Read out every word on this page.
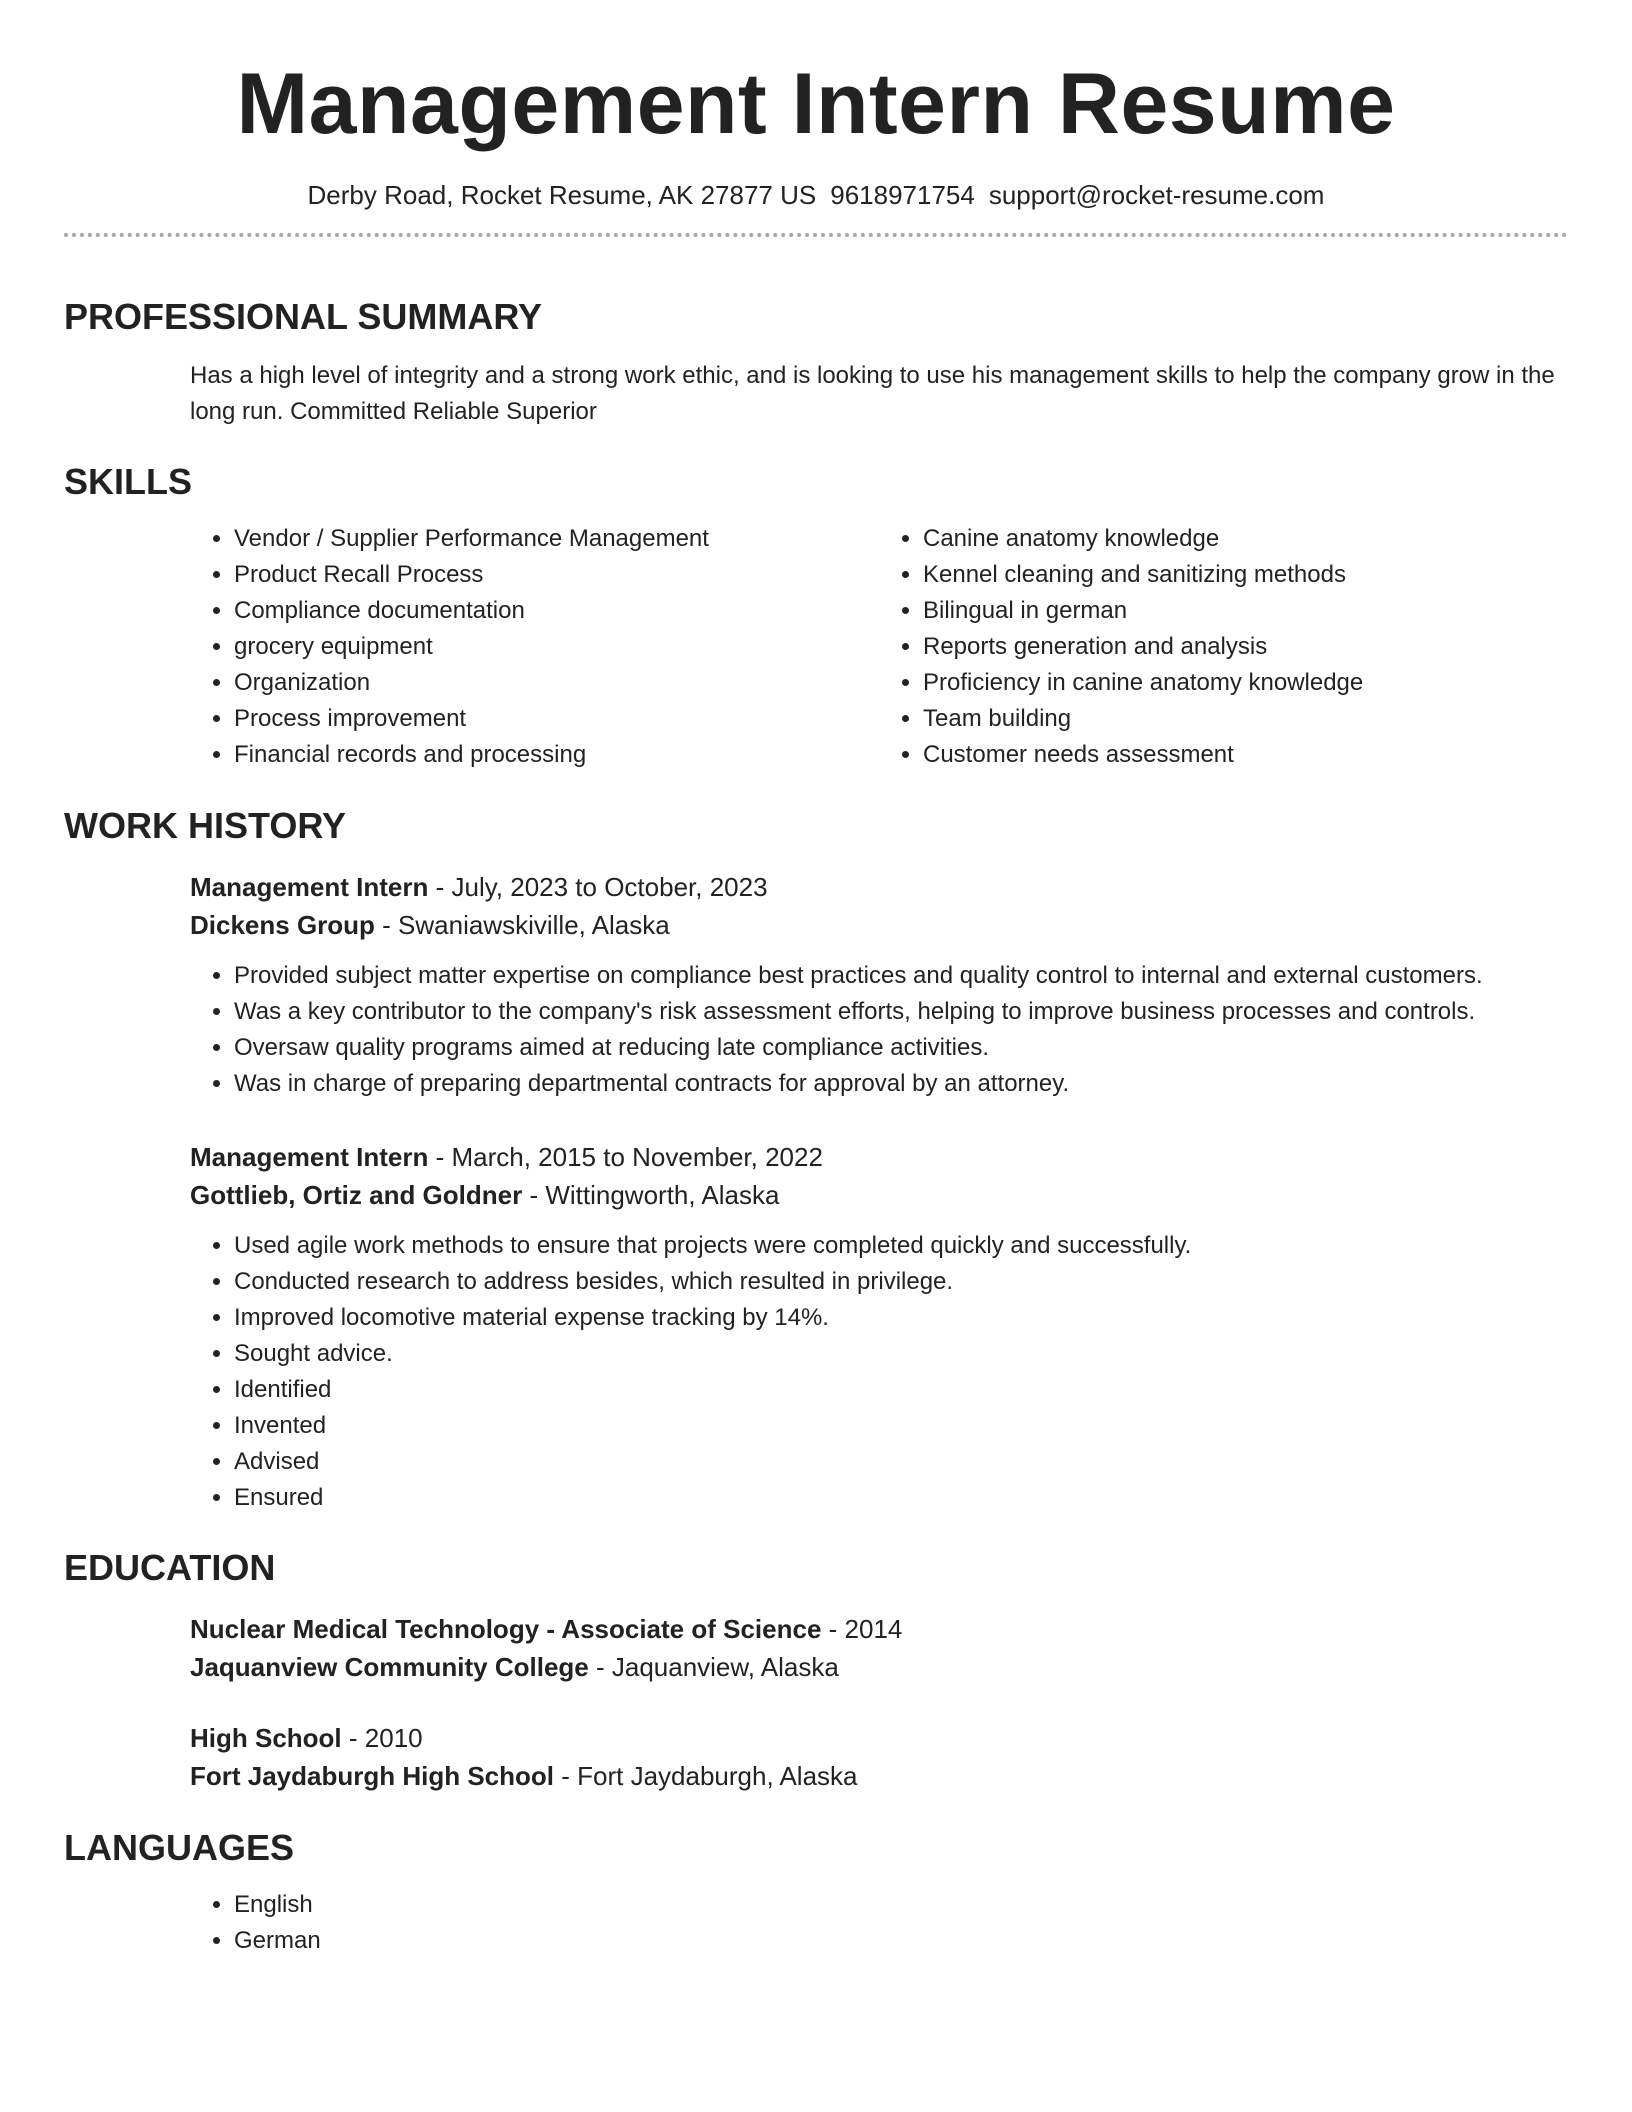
Management Intern Resume
Derby Road, Rocket Resume, AK 27877 US 9618971754 support@rocket-resume.com
PROFESSIONAL SUMMARY

Has a high level of integrity and a strong work ethic, and is looking to use his management skills to help the company grow in the long run. Committed Reliable Superior

SKILLS
• Vendor / Supplier Performance Management
• Product Recall Process
• Compliance documentation
• grocery equipment
• Organization
• Process improvement
• Financial records and processing
• Canine anatomy knowledge
• Kennel cleaning and sanitizing methods
• Bilingual in german
• Reports generation and analysis
• Proficiency in canine anatomy knowledge
• Team building
• Customer needs assessment
WORK HISTORY
Management Intern - July, 2023 to October, 2023
Dickens Group - Swaniawskiville, Alaska
• Provided subject matter expertise on compliance best practices and quality control to internal and external customers.
• Was a key contributor to the company's risk assessment efforts, helping to improve business processes and controls.
• Oversaw quality programs aimed at reducing late compliance activities.
• Was in charge of preparing departmental contracts for approval by an attorney.
Management Intern - March, 2015 to November, 2022
Gottlieb, Ortiz and Goldner - Wittingworth, Alaska
• Used agile work methods to ensure that projects were completed quickly and successfully.
• Conducted research to address besides, which resulted in privilege.
• Improved locomotive material expense tracking by 14%.
• Sought advice.
• Identified
• Invented
• Advised
• Ensured
EDUCATION
Nuclear Medical Technology - Associate of Science - 2014
Jaquanview Community College - Jaquanview, Alaska
High School - 2010
Fort Jaydaburgh High School - Fort Jaydaburgh, Alaska
LANGUAGES
• English
• German
